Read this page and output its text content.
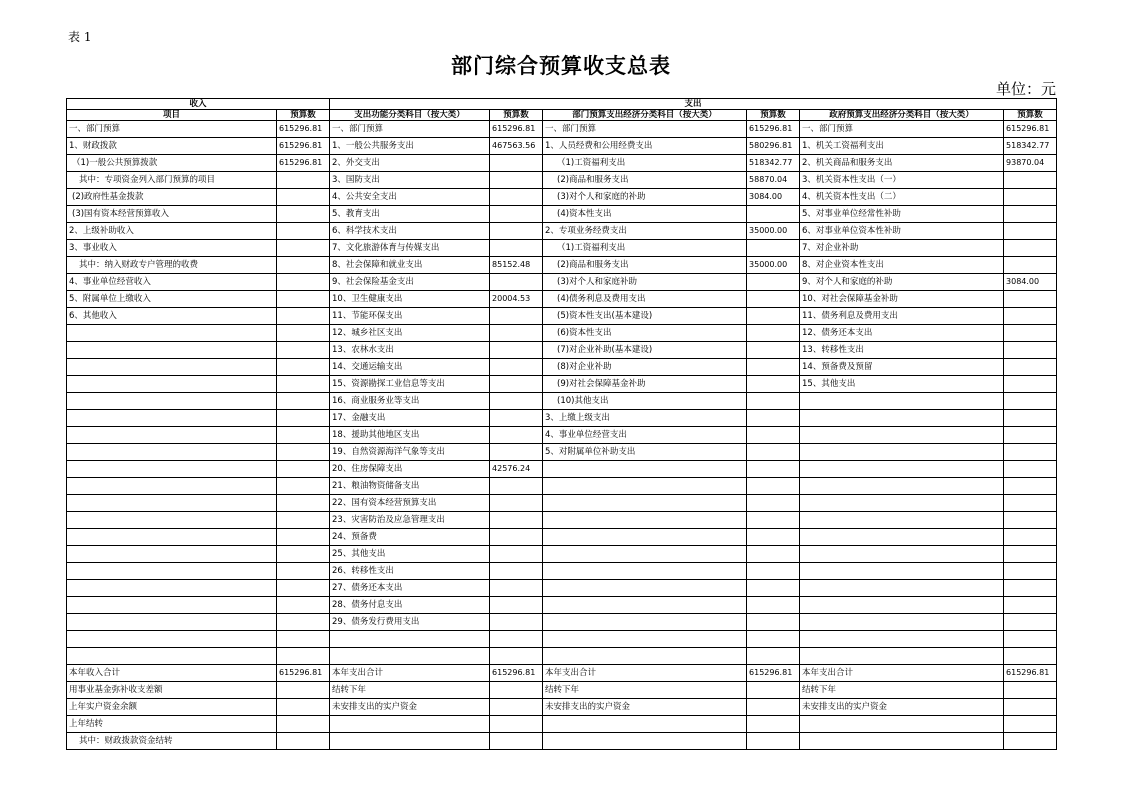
表 1
部门综合预算收支总表
单位：元
收入		支出					
项目	预算数	支出功能分类科目（按大类）	预算数	部门预算支出经济分类科目（按大类）	预算数	政府预算支出经济分类科目（按大类）	预算数
一、部门预算	615296.81	一、部门预算	615296.81	一、部门预算	615296.81	一、部门预算	615296.81
1、财政拨款	615296.81	1、一般公共服务支出	467563.56	1、人员经费和公用经费支出	580296.81	1、机关工资福利支出	518342.77
（1)一般公共预算拨款	615296.81	2、外交支出		（1)工资福利支出	518342.77	2、机关商品和服务支出	93870.04
其中：专项资金列入部门预算的项目		3、国防支出		(2)商品和服务支出	58870.04	3、机关资本性支出（一）	
(2)政府性基金拨款		4、公共安全支出		(3)对个人和家庭的补助	3084.00	4、机关资本性支出（二）	
(3)国有资本经营预算收入		5、教育支出		(4)资本性支出		5、对事业单位经常性补助	
2、上级补助收入		6、科学技术支出		2、专项业务经费支出	35000.00	6、对事业单位资本性补助	
3、事业收入		7、文化旅游体育与传媒支出		（1)工资福利支出		7、对企业补助	
其中：纳入财政专户管理的收费		8、社会保障和就业支出	85152.48	(2)商品和服务支出	35000.00	8、对企业资本性支出	
4、事业单位经营收入		9、社会保险基金支出		(3)对个人和家庭补助		9、对个人和家庭的补助	3084.00
5、附属单位上缴收入		10、卫生健康支出	20004.53	(4)债务利息及费用支出		10、对社会保障基金补助	
6、其他收入		11、节能环保支出		(5)资本性支出(基本建设)		11、债务利息及费用支出	
		12、城乡社区支出		(6)资本性支出		12、债务还本支出	
		13、农林水支出		(7)对企业补助(基本建设)		13、转移性支出	
		14、交通运输支出		(8)对企业补助		14、预备费及预留	
		15、资源勘探工业信息等支出		(9)对社会保障基金补助		15、其他支出	
		16、商业服务业等支出		(10)其他支出			
		17、金融支出		3、上缴上级支出			
		18、援助其他地区支出		4、事业单位经营支出			
		19、自然资源海洋气象等支出		5、对附属单位补助支出			
		20、住房保障支出	42576.24				
		21、粮油物资储备支出					
		22、国有资本经营预算支出					
		23、灾害防治及应急管理支出					
		24、预备费					
		25、其他支出					
		26、转移性支出					
		27、债务还本支出					
		28、债务付息支出					
		29、债务发行费用支出					

本年收入合计	615296.81	本年支出合计	615296.81	本年支出合计	615296.81	本年支出合计	615296.81
用事业基金弥补收支差额		结转下年		结转下年		结转下年	
上年实户资金余额		未安排支出的实户资金		未安排支出的实户资金		未安排支出的实户资金	
上年结转							
其中：财政拨款资金结转							
